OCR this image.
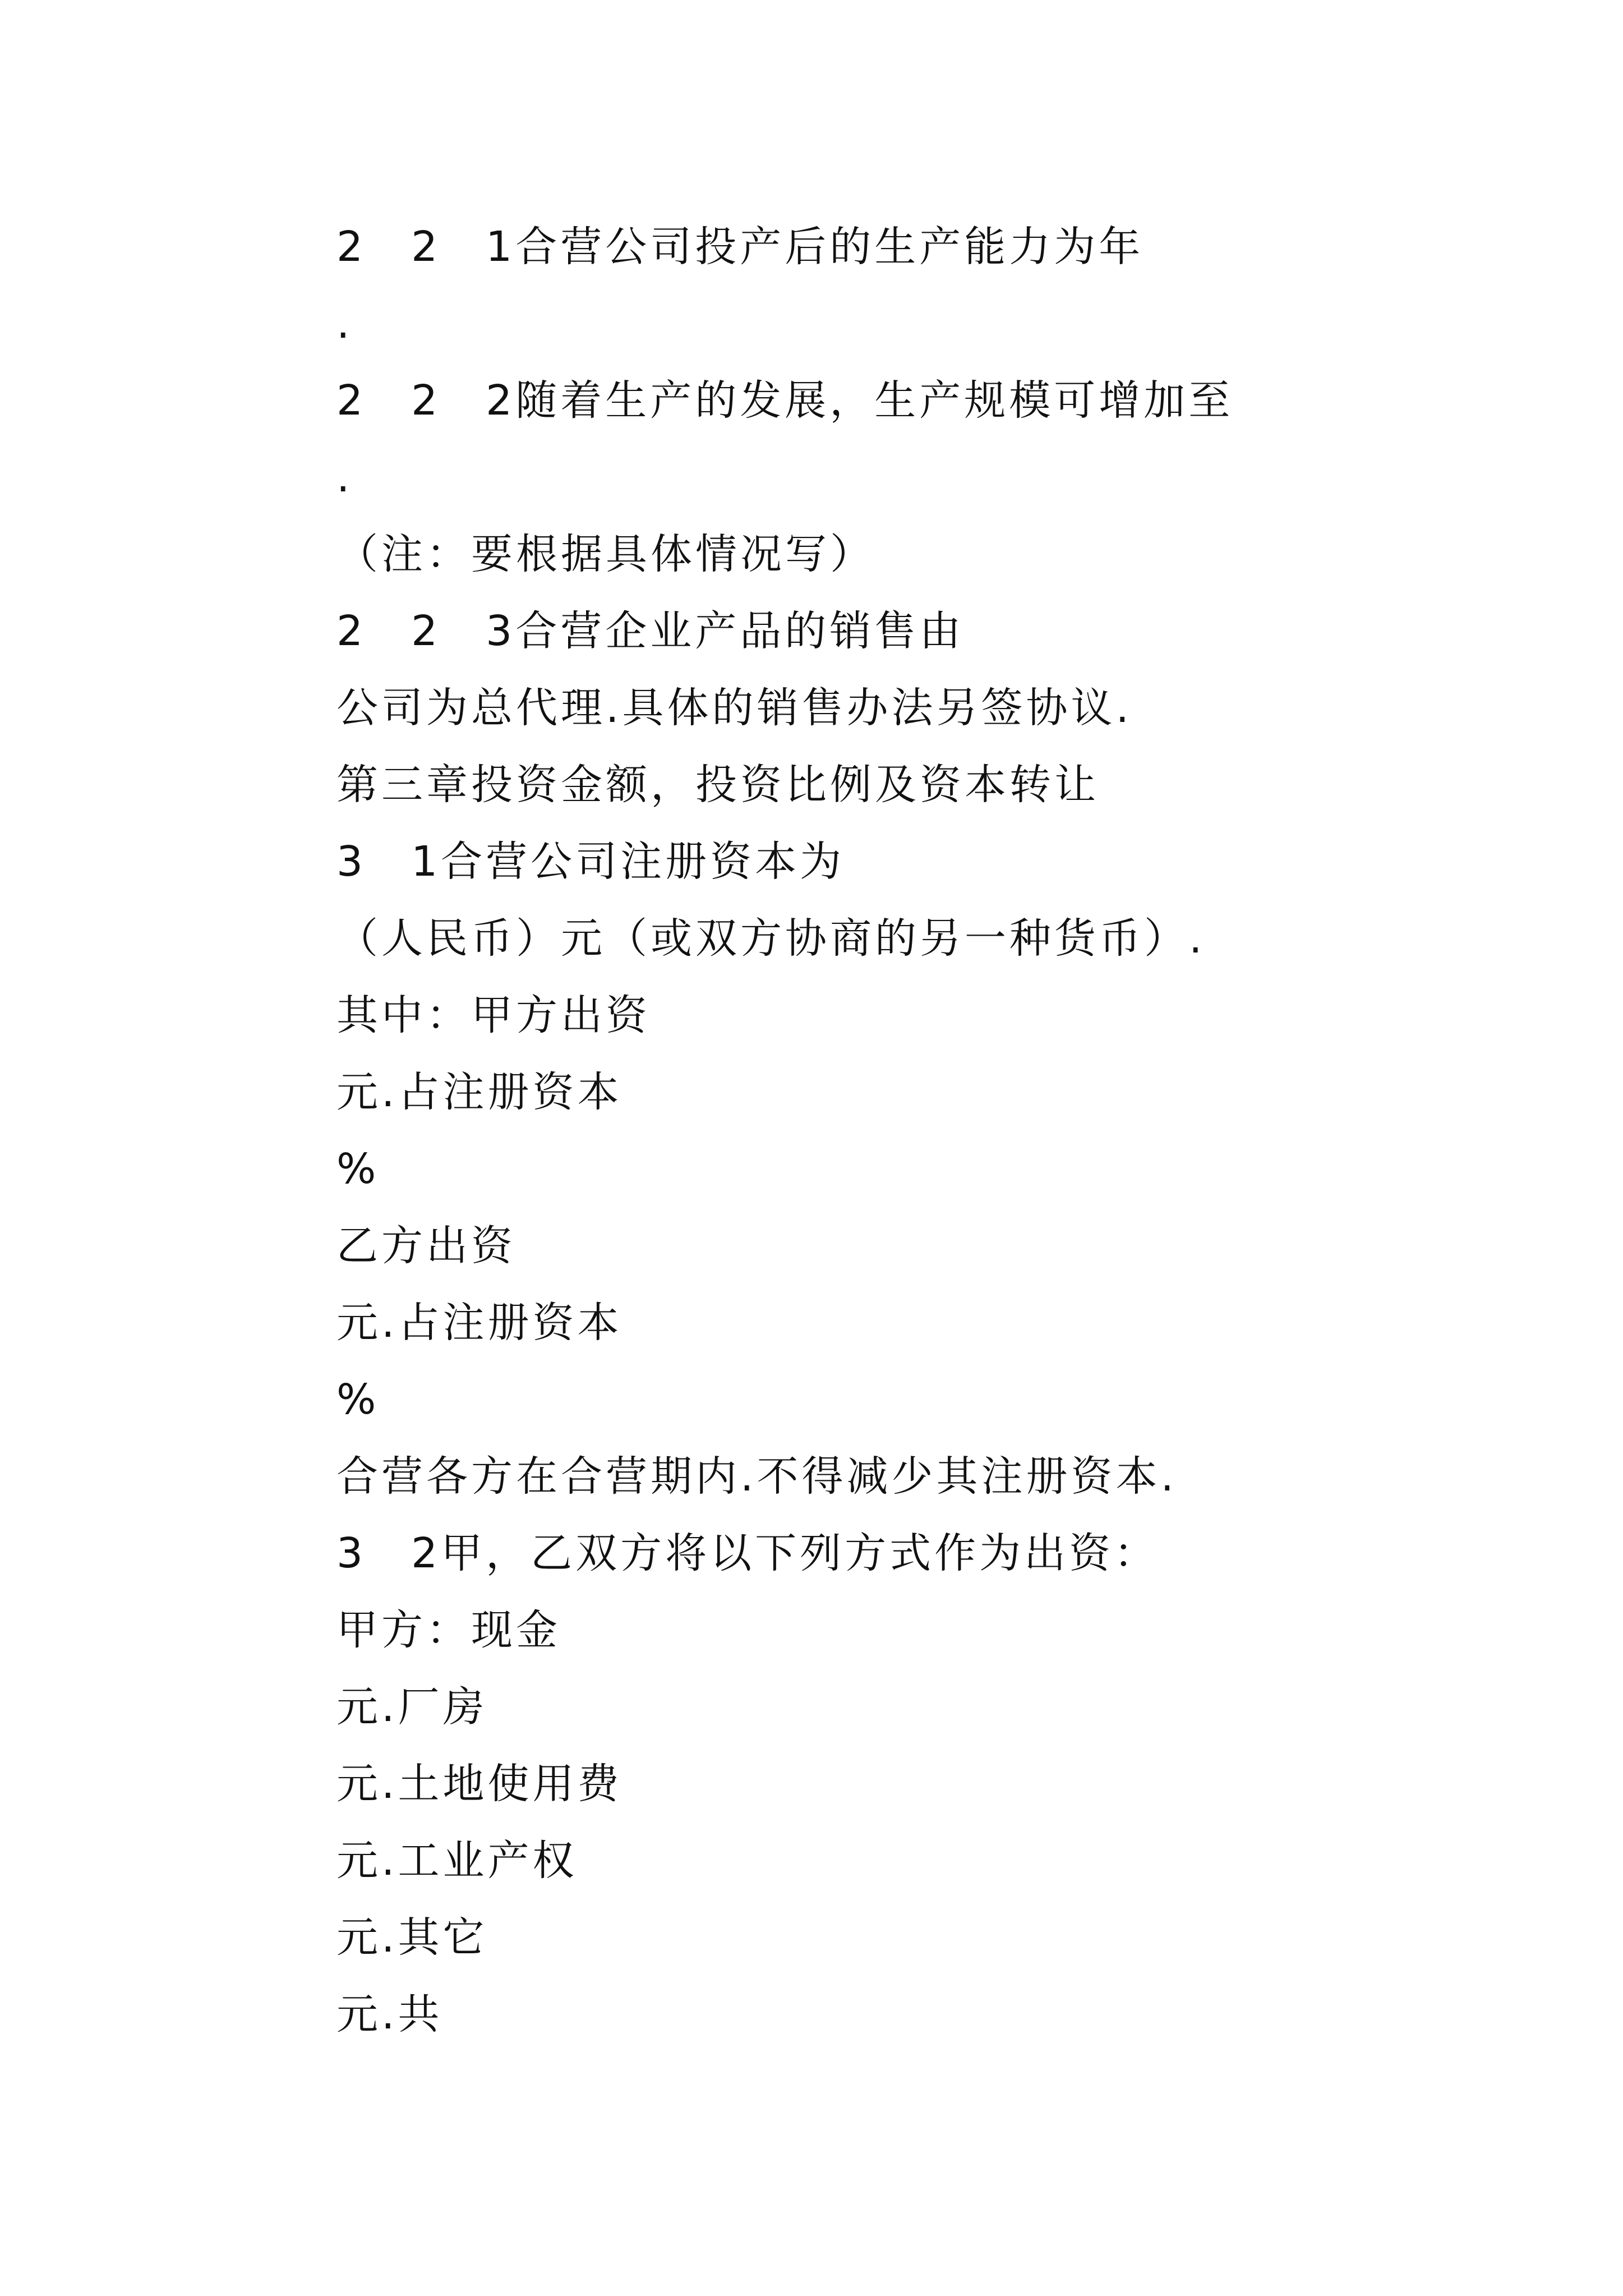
2　2　1合营公司投产后的生产能力为年

.

2　2　2随着生产的发展，生产规模可增加至

.

（注：要根据具体情况写）

2　2　3合营企业产品的销售由

公司为总代理.具体的销售办法另签协议.

第三章投资金额，投资比例及资本转让

3　1合营公司注册资本为

（人民币）元（或双方协商的另一种货币）.

其中：甲方出资

元.占注册资本

%

乙方出资

元.占注册资本

%

合营各方在合营期内.不得减少其注册资本.

3　2甲，乙双方将以下列方式作为出资：

甲方：现金

元.厂房

元.土地使用费

元.工业产权

元.其它

元.共
